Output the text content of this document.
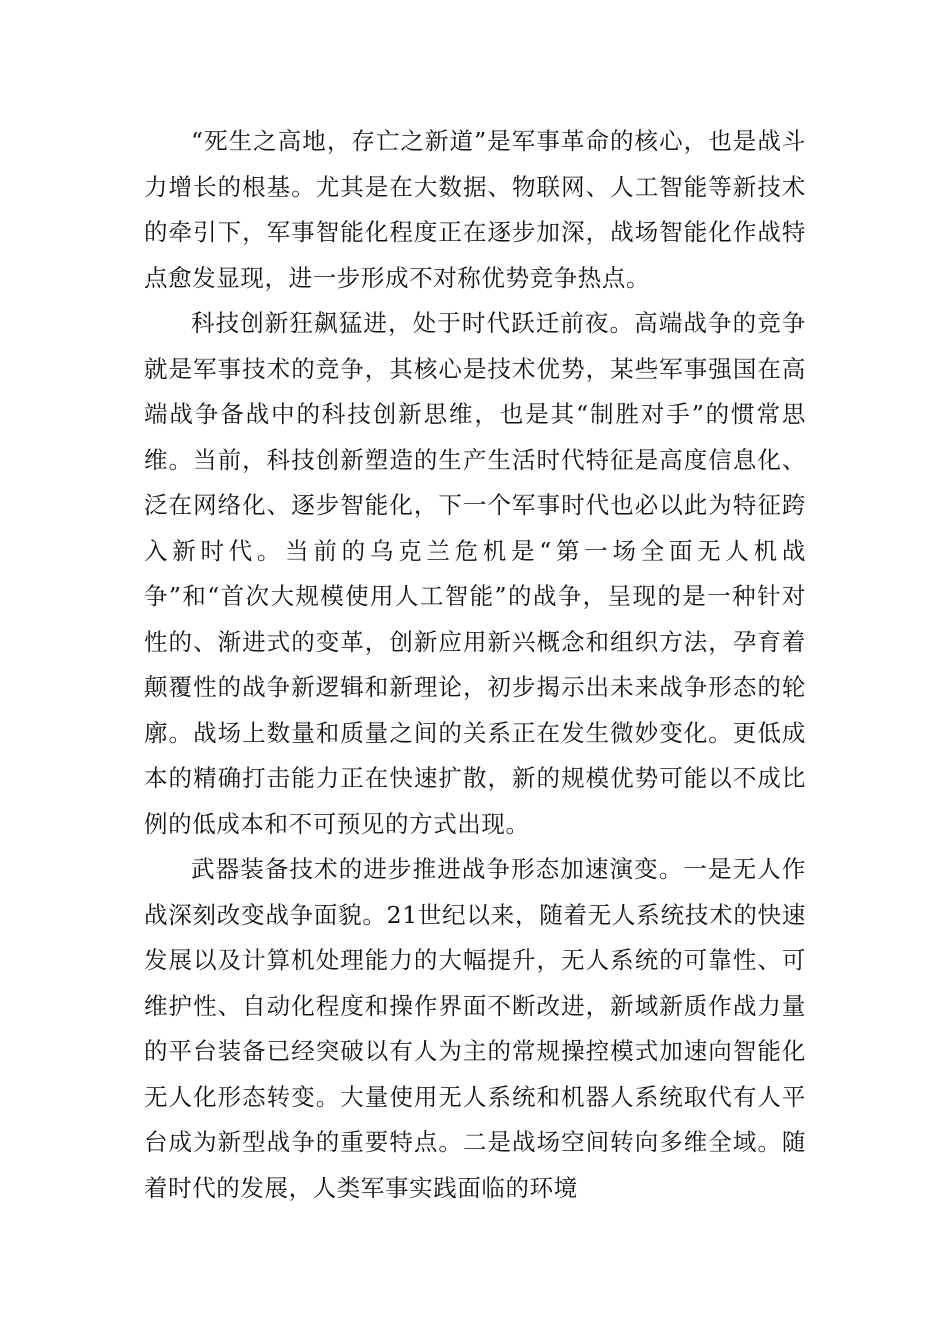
“死生之高地，存亡之新道”是军事革命的核心，也是战斗力增长的根基。尤其是在大数据、物联网、人工智能等新技术的牵引下，军事智能化程度正在逐步加深，战场智能化作战特点愈发显现，进一步形成不对称优势竞争热点。

科技创新狂飙猛进，处于时代跃迁前夜。高端战争的竞争就是军事技术的竞争，其核心是技术优势，某些军事强国在高端战争备战中的科技创新思维，也是其“制胜对手”的惯常思维。当前，科技创新塑造的生产生活时代特征是高度信息化、泛在网络化、逐步智能化，下一个军事时代也必以此为特征跨入新时代。当前的乌克兰危机是“第一场全面无人机战争”和“首次大规模使用人工智能”的战争，呈现的是一种针对性的、渐进式的变革，创新应用新兴概念和组织方法，孕育着颠覆性的战争新逻辑和新理论，初步揭示出未来战争形态的轮廓。战场上数量和质量之间的关系正在发生微妙变化。更低成本的精确打击能力正在快速扩散，新的规模优势可能以不成比例的低成本和不可预见的方式出现。

武器装备技术的进步推进战争形态加速演变。一是无人作战深刻改变战争面貌。21世纪以来，随着无人系统技术的快速发展以及计算机处理能力的大幅提升，无人系统的可靠性、可维护性、自动化程度和操作界面不断改进，新域新质作战力量的平台装备已经突破以有人为主的常规操控模式加速向智能化无人化形态转变。大量使用无人系统和机器人系统取代有人平台成为新型战争的重要特点。二是战场空间转向多维全域。随着时代的发展，人类军事实践面临的环境
